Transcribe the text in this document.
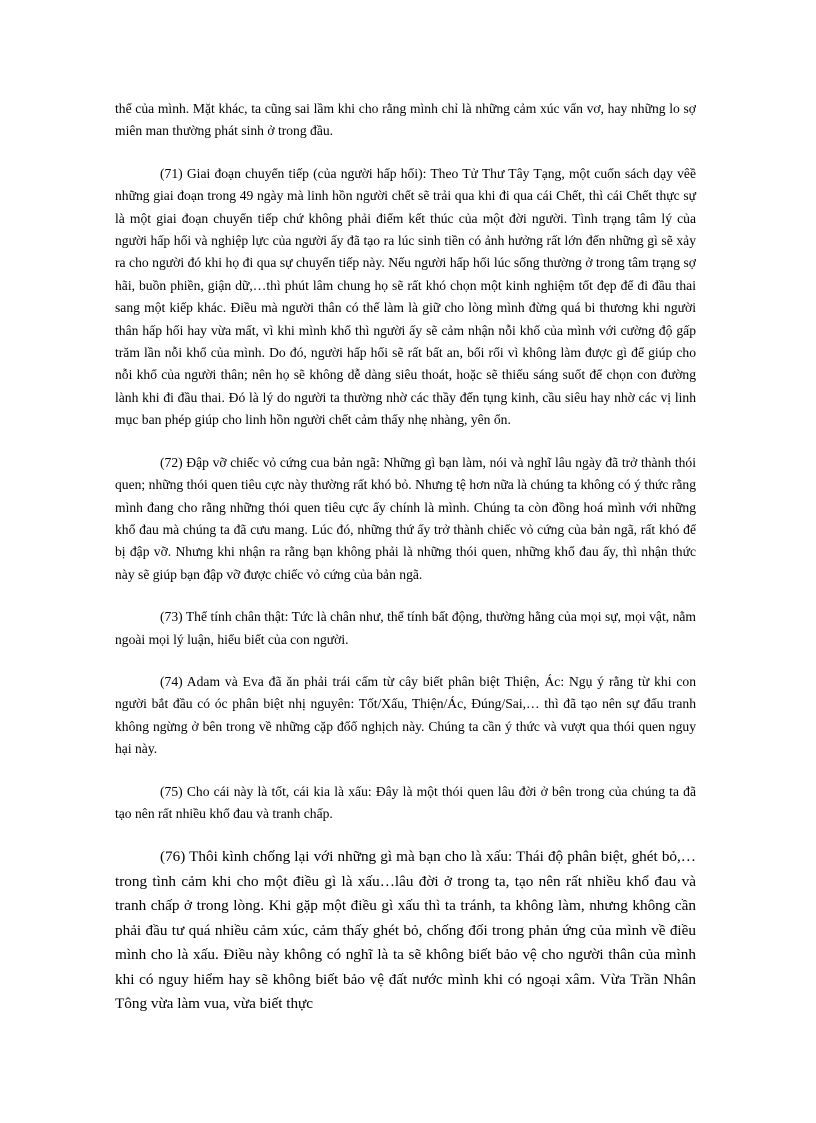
thể của mình. Mặt khác, ta cũng sai lầm khi cho rằng mình chỉ là những cảm xúc vẩn vơ, hay những lo sợ miên man thường phát sinh ở trong đầu.

(71) Giai đoạn chuyển tiếp (của người hấp hối): Theo Tử Thư Tây Tạng, một cuốn sách dạy vêề những giai đoạn trong 49 ngày mà linh hồn người chết sẽ trải qua khi đi qua cái Chết, thì cái Chết thực sự là một giai đoạn chuyển tiếp chứ không phải điểm kết thúc của một đời người. Tình trạng tâm lý của người hấp hối và nghiệp lực của người ấy đã tạo ra lúc sinh tiền có ảnh hưởng rất lớn đến những gì sẽ xảy ra cho người đó khi họ đi qua sự chuyển tiếp này. Nếu người hấp hối lúc sống thường ở trong tâm trạng sợ hãi, buồn phiền, giận dữ,…thì phút lâm chung họ sẽ rất khó chọn một kinh nghiệm tốt đẹp để đi đầu thai sang một kiếp khác. Điều mà người thân có thể làm là giữ cho lòng mình đừng quá bi thương khi người thân hấp hối hay vừa mất, vì khi mình khổ thì người ấy sẽ cảm nhận nỗi khổ của mình với cường độ gấp trăm lần nỗi khổ của mình. Do đó, người hấp hối sẽ rất bất an, bối rối vì không làm được gì để giúp cho nỗi khổ của người thân; nên họ sẽ không dễ dàng siêu thoát, hoặc sẽ thiếu sáng suốt để chọn con đường lành khi đi đầu thai. Đó là lý do người ta thường nhờ các thầy đến tụng kinh, cầu siêu hay nhờ các vị linh mục ban phép giúp cho linh hồn người chết cảm thấy nhẹ nhàng, yên ổn.

(72) Đập vỡ chiếc vỏ cứng cua bản ngã: Những gì bạn làm, nói và nghĩ lâu ngày đã trở thành thói quen; những thói quen tiêu cực này thường rất khó bỏ. Nhưng tệ hơn nữa là chúng ta không có ý thức rằng mình đang cho rằng những thói quen tiêu cực ấy chính là mình. Chúng ta còn đồng hoá mình với những khổ đau mà chúng ta đã cưu mang. Lúc đó, những thứ ấy trở thành chiếc vỏ cứng của bản ngã, rất khó để bị đập vỡ. Nhưng khi nhận ra rằng bạn không phải là những thói quen, những khổ đau ấy, thì nhận thức này sẽ giúp bạn đập vỡ được chiếc vỏ cứng của bản ngã.

(73) Thể tính chân thật: Tức là chân như, thể tính bất động, thường hằng của mọi sự, mọi vật, nằm ngoài mọi lý luận, hiểu biết của con người.

(74) Adam và Eva đã ăn phải trái cấm từ cây biết phân biệt Thiện, Ác: Ngụ ý rằng từ khi con người bắt đầu có óc phân biệt nhị nguyên: Tốt/Xấu, Thiện/Ác, Đúng/Sai,… thì đã tạo nên sự đấu tranh không ngừng ở bên trong về những cặp đốố nghịch này. Chúng ta cần ý thức và vượt qua thói quen nguy hại này.

(75) Cho cái này là tốt, cái kia là xấu: Đây là một thói quen lâu đời ở bên trong của chúng ta đã tạo nên rất nhiều khổ đau và tranh chấp.

(76) Thôi kình chống lại với những gì mà bạn cho là xấu: Thái độ phân biệt, ghét bỏ,…trong tình cảm khi cho một điều gì là xấu…lâu đời ở trong ta, tạo nên rất nhiều khổ đau và tranh chấp ở trong lòng. Khi gặp một điều gì xấu thì ta tránh, ta không làm, nhưng không cần phải đầu tư quá nhiều cảm xúc, cảm thấy ghét bỏ, chống đối trong phản ứng của mình về điều mình cho là xấu. Điều này không có nghĩ là ta sẽ không biết bảo vệ cho người thân của mình khi có nguy hiểm hay sẽ không biết bảo vệ đất nước mình khi có ngoại xâm. Vừa Trần Nhân Tông vừa làm vua, vừa biết thực
